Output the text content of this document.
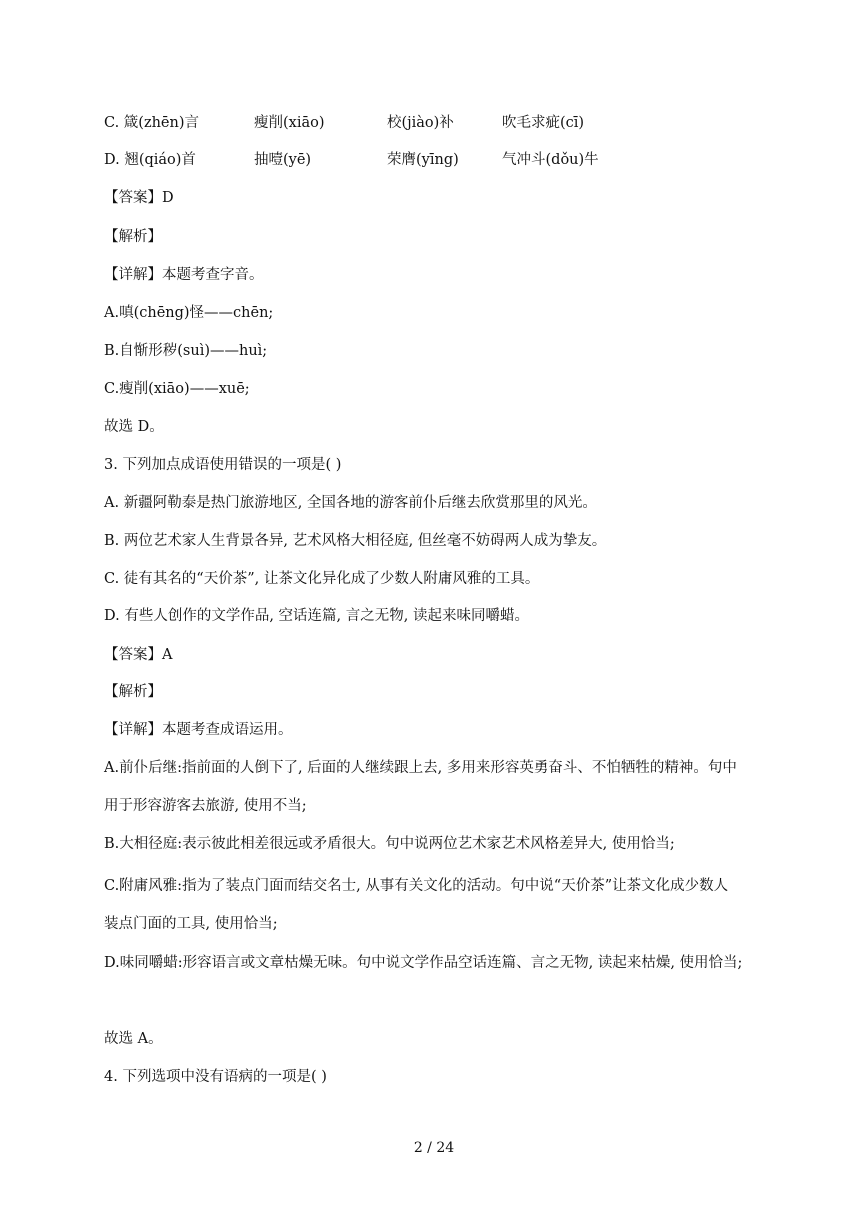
C. 箴(zhēn)言	瘦削(xiāo)	校(jiào)补	吹毛求疵(cī)
D. 翘(qiáo)首	抽噎(yē)	荣膺(yīng)	气冲斗(dǒu)牛
【答案】D
【解析】
【详解】本题考查字音。
A.嗔(chēng)怪——chēn;
B.自惭形秽(suì)——huì;
C.瘦削(xiāo)——xuē;
故选 D。
3. 下列加点成语使用错误的一项是( )
A. 新疆阿勒泰是热门旅游地区, 全国各地的游客前仆后继去欣赏那里的风光。
B. 两位艺术家人生背景各异, 艺术风格大相径庭, 但丝毫不妨碍两人成为挚友。
C. 徒有其名的“天价茶”, 让茶文化异化成了少数人附庸风雅的工具。
D. 有些人创作的文学作品, 空话连篇, 言之无物, 读起来味同嚼蜡。
【答案】A
【解析】
【详解】本题考查成语运用。
A.前仆后继:指前面的人倒下了, 后面的人继续跟上去, 多用来形容英勇奋斗、不怕牺牲的精神。句中
用于形容游客去旅游, 使用不当;
B.大相径庭:表示彼此相差很远或矛盾很大。句中说两位艺术家艺术风格差异大, 使用恰当;
C.附庸风雅:指为了装点门面而结交名士, 从事有关文化的活动。句中说“天价茶”让茶文化成少数人
装点门面的工具, 使用恰当;
D.味同嚼蜡:形容语言或文章枯燥无味。句中说文学作品空话连篇、言之无物, 读起来枯燥, 使用恰当;
故选 A。
4. 下列选项中没有语病的一项是( )
2 / 24
